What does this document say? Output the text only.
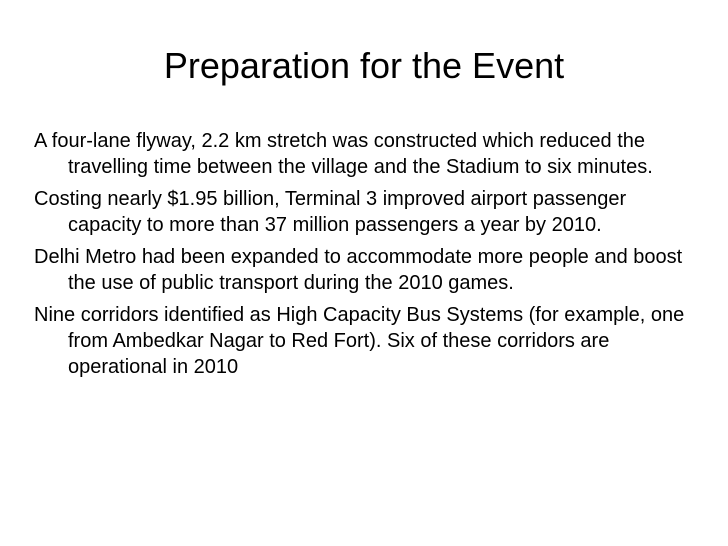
Preparation for the Event
A four-lane flyway, 2.2 km stretch was constructed which reduced the travelling time between the village and the Stadium to six minutes.
Costing nearly $1.95 billion, Terminal 3 improved airport passenger capacity to more than 37 million passengers a year by 2010.
Delhi Metro had been expanded to accommodate more people and boost the use of public transport during the 2010 games.
Nine corridors identified as High Capacity Bus Systems (for example, one from Ambedkar Nagar to Red Fort). Six of these corridors are operational in 2010
